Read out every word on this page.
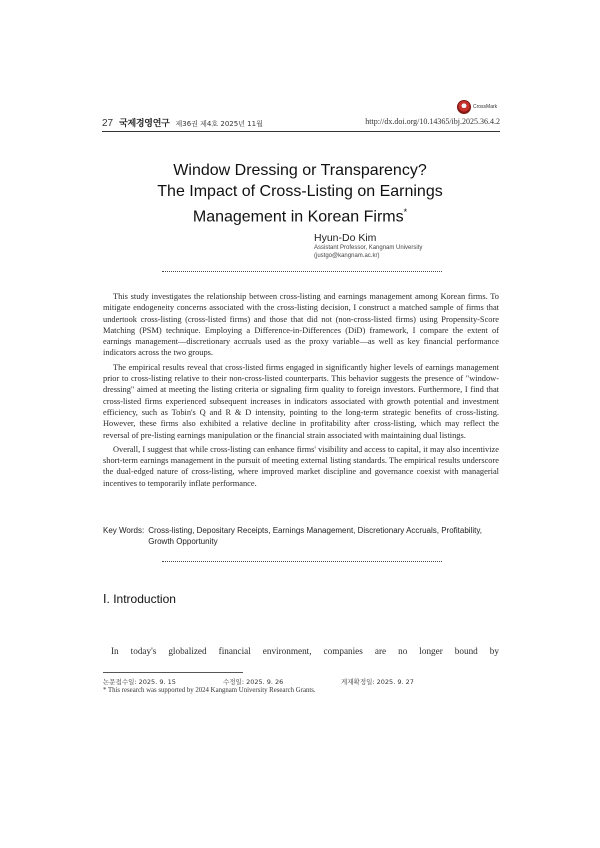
CrossMark
27 국제경영연구 제36권 제4호 2025년 11월	http://dx.doi.org/10.14365/ibj.2025.36.4.2
Window Dressing or Transparency?
The Impact of Cross-Listing on Earnings
Management in Korean Firms*
Hyun-Do Kim
Assistant Professor, Kangnam University
(justgo@kangnam.ac.kr)

This study investigates the relationship between cross-listing and earnings management among Korean firms. To mitigate endogeneity concerns associated with the cross-listing decision, I construct a matched sample of firms that undertook cross-listing (cross-listed firms) and those that did not (non-cross-listed firms) using Propensity-Score Matching (PSM) technique. Employing a Difference-in-Differences (DiD) framework, I compare the extent of earnings management—discretionary accruals used as the proxy variable—as well as key financial performance indicators across the two groups.

The empirical results reveal that cross-listed firms engaged in significantly higher levels of earnings management prior to cross-listing relative to their non-cross-listed counterparts. This behavior suggests the presence of "window-dressing" aimed at meeting the listing criteria or signaling firm quality to foreign investors. Furthermore, I find that cross-listed firms experienced subsequent increases in indicators associated with growth potential and investment efficiency, such as Tobin's Q and R & D intensity, pointing to the long-term strategic benefits of cross-listing. However, these firms also exhibited a relative decline in profitability after cross-listing, which may reflect the reversal of pre-listing earnings manipulation or the financial strain associated with maintaining dual listings.

Overall, I suggest that while cross-listing can enhance firms' visibility and access to capital, it may also incentivize short-term earnings management in the pursuit of meeting external listing standards. The empirical results underscore the dual-edged nature of cross-listing, where improved market discipline and governance coexist with managerial incentives to temporarily inflate performance.

Key Words: Cross-listing, Depositary Receipts, Earnings Management, Discretionary Accruals, Profitability, Growth Opportunity
Ⅰ. Introduction
In today's globalized financial environment, companies are no longer bound by
논문접수일: 2025. 9. 15	수정일: 2025. 9. 26	게재확정일: 2025. 9. 27
* This research was supported by 2024 Kangnam University Research Grants.
